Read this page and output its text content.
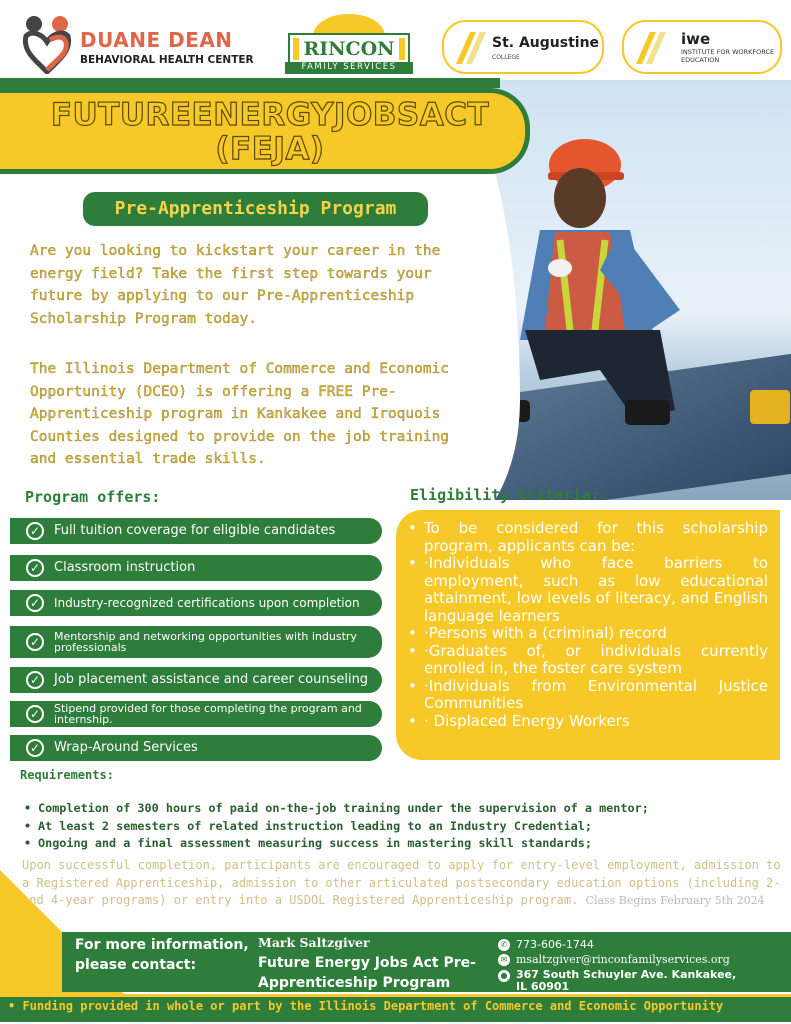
DUANE DEAN
BEHAVIORAL HEALTH CENTER	RINCON
FAMILY SERVICES
St. Augustine
COLLEGE
iwe
INSTITUTE FOR WORKFORCE EDUCATION
FUTUREENERGYJOBSACT
(FEJA)
Pre-Apprenticeship Program
Are you looking to kickstart your career in the energy field? Take the first step towards your future by applying to our Pre-Apprenticeship Scholarship Program today.
The Illinois Department of Commerce and Economic Opportunity (DCEO) is offering a FREE Pre-Apprenticeship program in Kankakee and Iroquois Counties designed to provide on the job training and essential trade skills.
Program offers:
✓	Full tuition coverage for eligible candidates
✓	Classroom instruction
✓	Industry-recognized certifications upon completion
✓	Mentorship and networking opportunities with industry professionals
✓	Job placement assistance and career counseling
✓	Stipend provided for those completing the program and internship.
✓	Wrap-Around Services
Eligibility Criteria:
• To be considered for this scholarship program, applicants can be:
• ·Individuals who face barriers to employment, such as low educational attainment, low levels of literacy, and English language learners
• ·Persons with a (criminal) record
• ·Graduates of, or individuals currently enrolled in, the foster care system
• ·Individuals from Environmental Justice Communities
• · Displaced Energy Workers
Requirements:
• Completion of 300 hours of paid on-the-job training under the supervision of a mentor;
• At least 2 semesters of related instruction leading to an Industry Credential;
• Ongoing and a final assessment measuring success in mastering skill standards;
Upon successful completion, participants are encouraged to apply for entry-level employment, admission to a Registered Apprenticeship, admission to other articulated postsecondary education options (including 2- and 4-year programs) or entry into a USDOL Registered Apprenticeship program. Class Begins February 5th 2024
For more information, please contact:
Mark Saltzgiver
Future Energy Jobs Act Pre-Apprenticeship Program
✆ 773-606-1744
✉ msaltzgiver@rinconfamilyservices.org
● 367 South Schuyler Ave. Kankakee, IL 60901
• Funding provided in whole or part by the Illinois Department of Commerce and Economic Opportunity
